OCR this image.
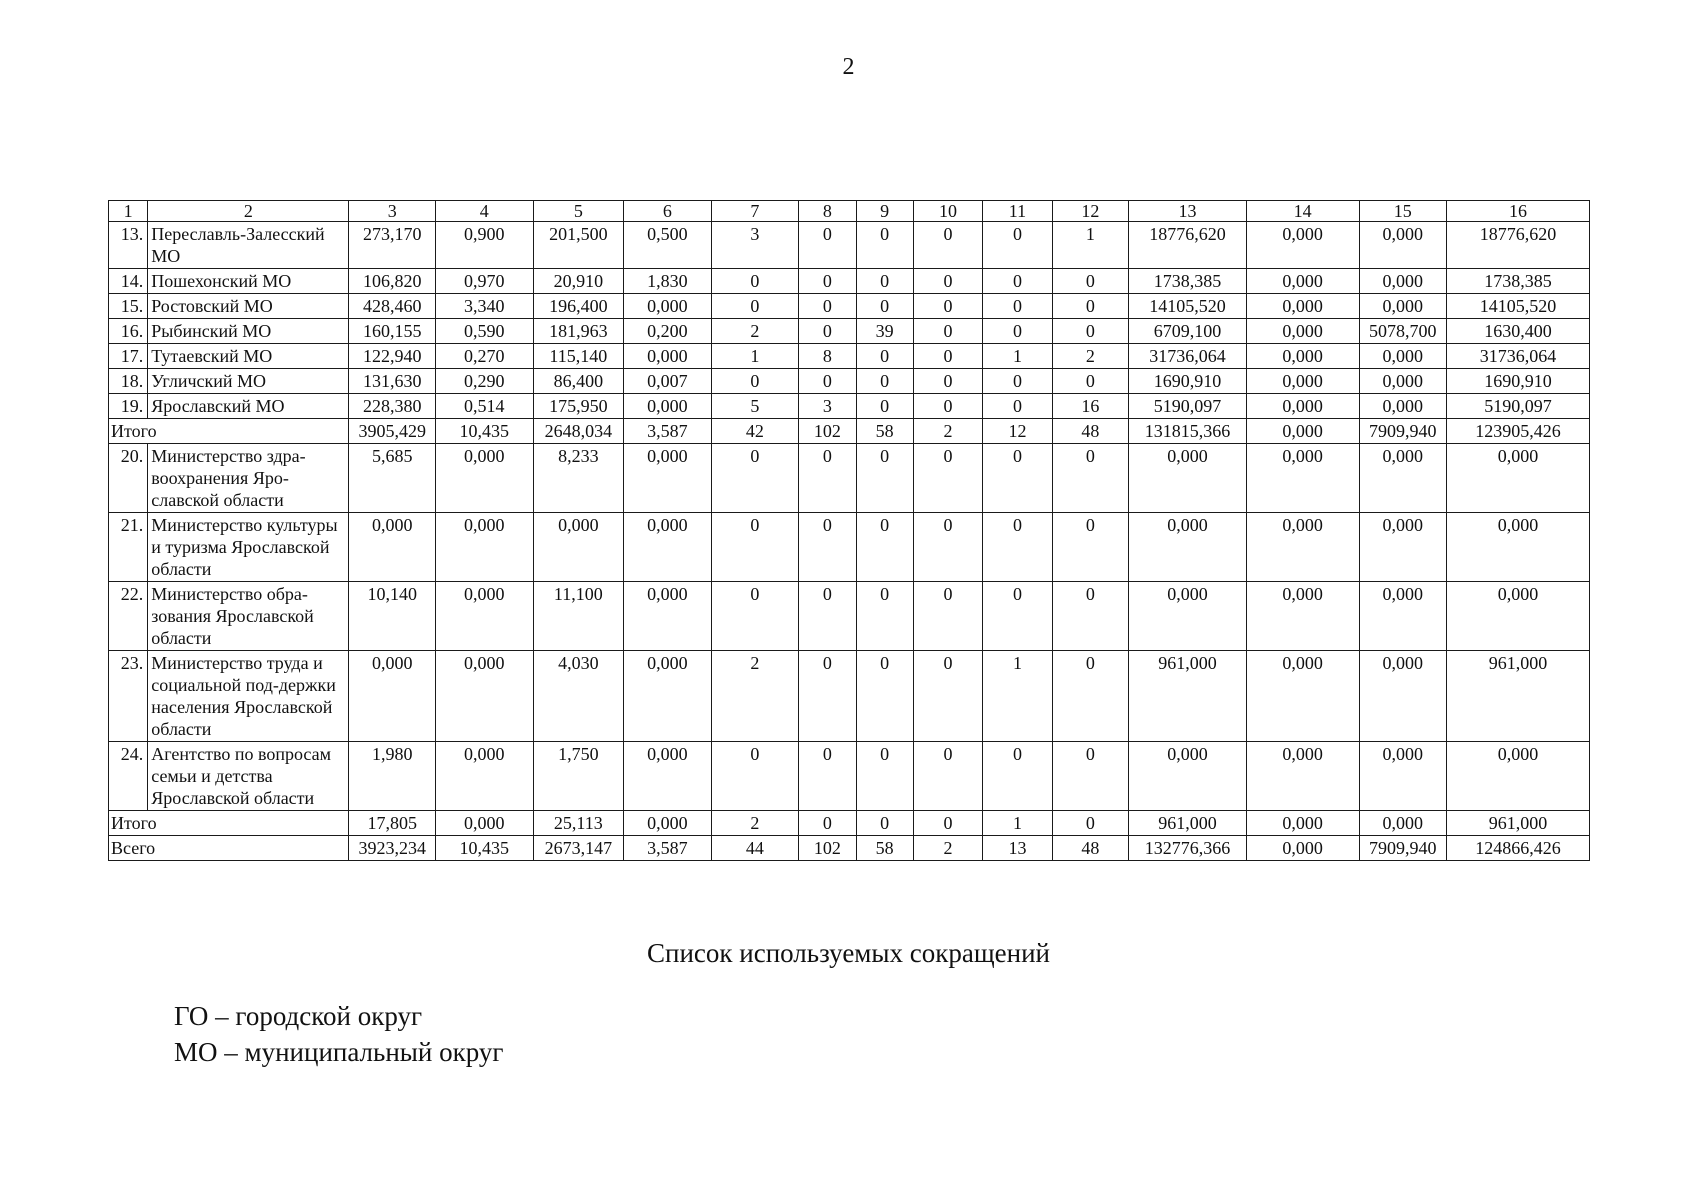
2
1	2	3	4	5	6	7	8	9	10	11	12	13	14	15	16
13.	Переславль-Залесский МО	273,170	0,900	201,500	0,500	3	0	0	0	0	1	18776,620	0,000	0,000	18776,620
14.	Пошехонский МО	106,820	0,970	20,910	1,830	0	0	0	0	0	0	1738,385	0,000	0,000	1738,385
15.	Ростовский МО	428,460	3,340	196,400	0,000	0	0	0	0	0	0	14105,520	0,000	0,000	14105,520
16.	Рыбинский МО	160,155	0,590	181,963	0,200	2	0	39	0	0	0	6709,100	0,000	5078,700	1630,400
17.	Тутаевский МО	122,940	0,270	115,140	0,000	1	8	0	0	1	2	31736,064	0,000	0,000	31736,064
18.	Угличский МО	131,630	0,290	86,400	0,007	0	0	0	0	0	0	1690,910	0,000	0,000	1690,910
19.	Ярославский МО	228,380	0,514	175,950	0,000	5	3	0	0	0	16	5190,097	0,000	0,000	5190,097
Итого		3905,429	10,435	2648,034	3,587	42	102	58	2	12	48	131815,366	0,000	7909,940	123905,426
20.	Министерство здра-воохранения Яро-славской области	5,685	0,000	8,233	0,000	0	0	0	0	0	0	0,000	0,000	0,000	0,000
21.	Министерство культуры и туризма Ярославской области	0,000	0,000	0,000	0,000	0	0	0	0	0	0	0,000	0,000	0,000	0,000
22.	Министерство обра-зования Ярославской области	10,140	0,000	11,100	0,000	0	0	0	0	0	0	0,000	0,000	0,000	0,000
23.	Министерство труда и социальной под-держки населения Ярославской области	0,000	0,000	4,030	0,000	2	0	0	0	1	0	961,000	0,000	0,000	961,000
24.	Агентство по вопросам семьи и детства Ярославской области	1,980	0,000	1,750	0,000	0	0	0	0	0	0	0,000	0,000	0,000	0,000
Итого		17,805	0,000	25,113	0,000	2	0	0	0	1	0	961,000	0,000	0,000	961,000
Всего		3923,234	10,435	2673,147	3,587	44	102	58	2	13	48	132776,366	0,000	7909,940	124866,426
Список используемых сокращений
ГО – городской округ
МО – муниципальный округ
